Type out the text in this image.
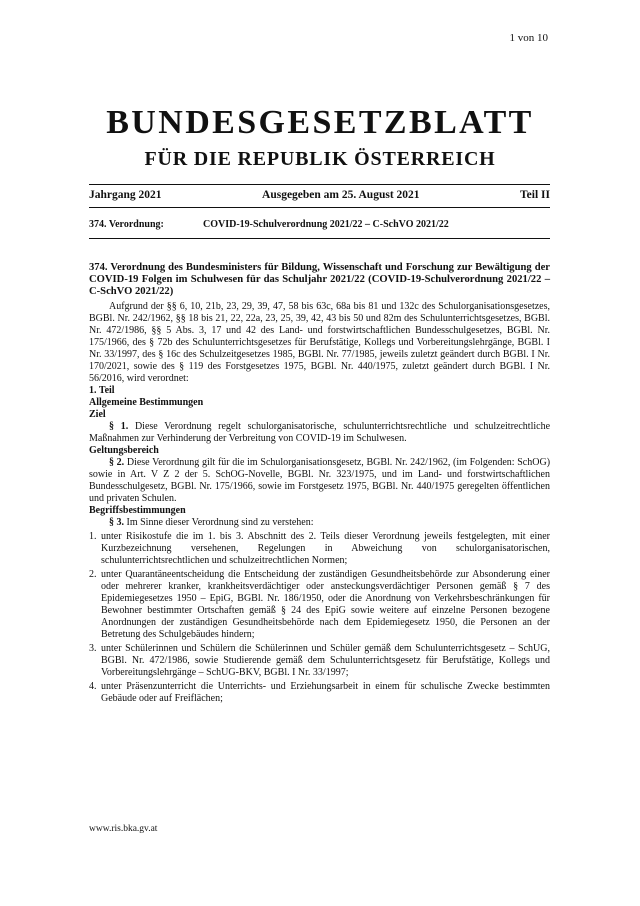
1 von 10
BUNDESGESETZBLATT
FÜR DIE REPUBLIK ÖSTERREICH
Jahrgang 2021	Ausgegeben am 25. August 2021	Teil II
374. Verordnung:	COVID-19-Schulverordnung 2021/22 – C-SchVO 2021/22

374. Verordnung des Bundesministers für Bildung, Wissenschaft und Forschung zur Bewältigung der COVID-19 Folgen im Schulwesen für das Schuljahr 2021/22 (COVID-19-Schulverordnung 2021/22 – C-SchVO 2021/22)

Aufgrund der §§ 6, 10, 21b, 23, 29, 39, 47, 58 bis 63c, 68a bis 81 und 132c des Schulorganisationsgesetzes, BGBl. Nr. 242/1962, §§ 18 bis 21, 22, 22a, 23, 25, 39, 42, 43 bis 50 und 82m des Schulunterrichtsgesetzes, BGBl. Nr. 472/1986, §§ 5 Abs. 3, 17 und 42 des Land- und forstwirtschaftlichen Bundesschulgesetzes, BGBl. Nr. 175/1966, des § 72b des Schulunterrichtsgesetzes für Berufstätige, Kollegs und Vorbereitungslehrgänge, BGBl. I Nr. 33/1997, des § 16c des Schulzeitgesetzes 1985, BGBl. Nr. 77/1985, jeweils zuletzt geändert durch BGBl. I Nr. 170/2021, sowie des § 119 des Forstgesetzes 1975, BGBl. Nr. 440/1975, zuletzt geändert durch BGBl. I Nr. 56/2016, wird verordnet:

1. Teil

Allgemeine Bestimmungen

Ziel

§ 1. Diese Verordnung regelt schulorganisatorische, schulunterrichtsrechtliche und schulzeitrechtliche Maßnahmen zur Verhinderung der Verbreitung von COVID-19 im Schulwesen.

Geltungsbereich

§ 2. Diese Verordnung gilt für die im Schulorganisationsgesetz, BGBl. Nr. 242/1962, (im Folgenden: SchOG) sowie in Art. V Z 2 der 5. SchOG-Novelle, BGBl. Nr. 323/1975, und im Land- und forstwirtschaftlichen Bundesschulgesetz, BGBl. Nr. 175/1966, sowie im Forstgesetz 1975, BGBl. Nr. 440/1975 geregelten öffentlichen und privaten Schulen.

Begriffsbestimmungen

§ 3. Im Sinne dieser Verordnung sind zu verstehen:

1. unter Risikostufe die im 1. bis 3. Abschnitt des 2. Teils dieser Verordnung jeweils festgelegten, mit einer Kurzbezeichnung versehenen, Regelungen in Abweichung von schulorganisatorischen, schulunterrichtsrechtlichen und schulzeitrechtlichen Normen;
2. unter Quarantäneentscheidung die Entscheidung der zuständigen Gesundheitsbehörde zur Absonderung einer oder mehrerer kranker, krankheitsverdächtiger oder ansteckungsverdächtiger Personen gemäß § 7 des Epidemiegesetzes 1950 – EpiG, BGBl. Nr. 186/1950, oder die Anordnung von Verkehrsbeschränkungen für Bewohner bestimmter Ortschaften gemäß § 24 des EpiG sowie weitere auf einzelne Personen bezogene Anordnungen der zuständigen Gesundheitsbehörde nach dem Epidemiegesetz 1950, die Personen an der Betretung des Schulgebäudes hindern;
3. unter Schülerinnen und Schülern die Schülerinnen und Schüler gemäß dem Schulunterrichtsgesetz – SchUG, BGBl. Nr. 472/1986, sowie Studierende gemäß dem Schulunterrichtsgesetz für Berufstätige, Kollegs und Vorbereitungslehrgänge – SchUG-BKV, BGBl. I Nr. 33/1997;
4. unter Präsenzunterricht die Unterrichts- und Erziehungsarbeit in einem für schulische Zwecke bestimmten Gebäude oder auf Freiflächen;
www.ris.bka.gv.at
